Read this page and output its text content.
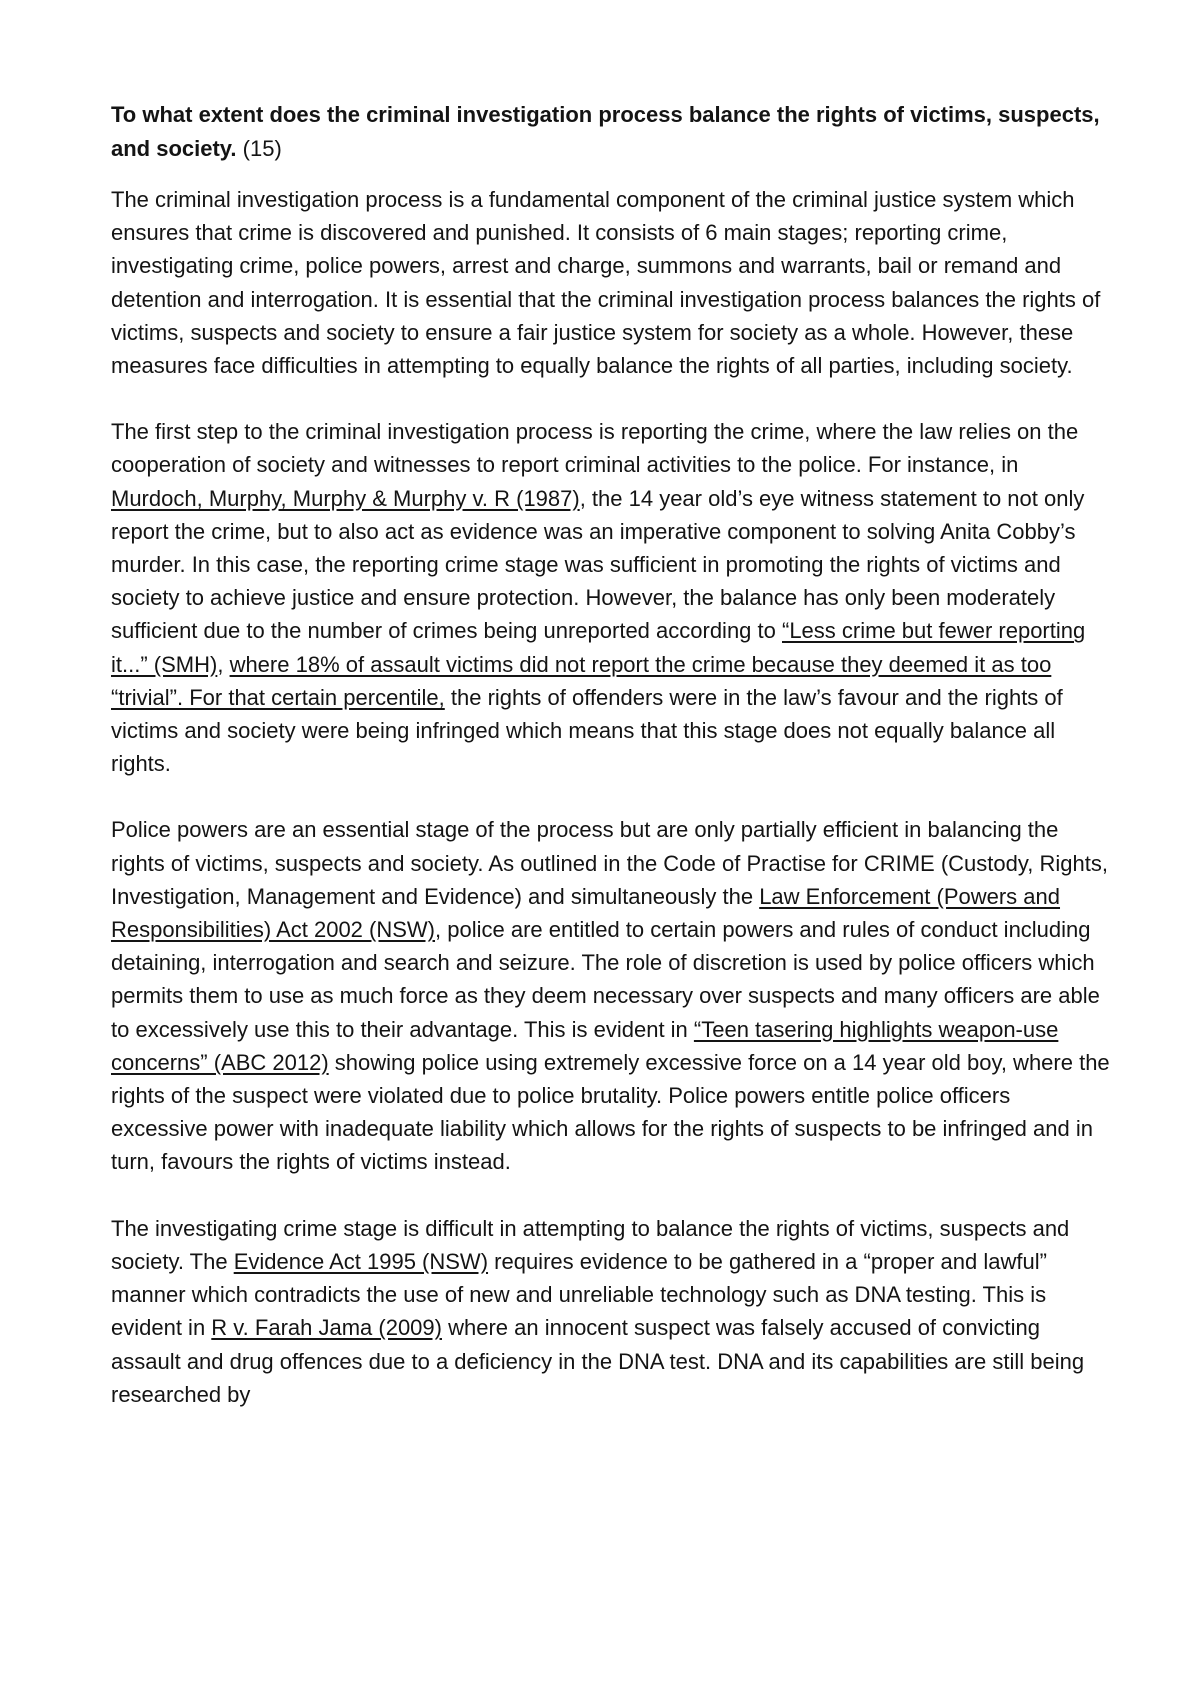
To what extent does the criminal investigation process balance the rights of victims, suspects, and society. (15)

The criminal investigation process is a fundamental component of the criminal justice system which ensures that crime is discovered and punished. It consists of 6 main stages; reporting crime, investigating crime, police powers, arrest and charge, summons and warrants, bail or remand and detention and interrogation. It is essential that the criminal investigation process balances the rights of victims, suspects and society to ensure a fair justice system for society as a whole. However, these measures face difficulties in attempting to equally balance the rights of all parties, including society.

The first step to the criminal investigation process is reporting the crime, where the law relies on the cooperation of society and witnesses to report criminal activities to the police. For instance, in Murdoch, Murphy, Murphy & Murphy v. R (1987), the 14 year old’s eye witness statement to not only report the crime, but to also act as evidence was an imperative component to solving Anita Cobby’s murder. In this case, the reporting crime stage was sufficient in promoting the rights of victims and society to achieve justice and ensure protection. However, the balance has only been moderately sufficient due to the number of crimes being unreported according to “Less crime but fewer reporting it...” (SMH), where 18% of assault victims did not report the crime because they deemed it as too “trivial”. For that certain percentile, the rights of offenders were in the law’s favour and the rights of victims and society were being infringed which means that this stage does not equally balance all rights.

Police powers are an essential stage of the process but are only partially efficient in balancing the rights of victims, suspects and society. As outlined in the Code of Practise for CRIME (Custody, Rights, Investigation, Management and Evidence) and simultaneously the Law Enforcement (Powers and Responsibilities) Act 2002 (NSW), police are entitled to certain powers and rules of conduct including detaining, interrogation and search and seizure. The role of discretion is used by police officers which permits them to use as much force as they deem necessary over suspects and many officers are able to excessively use this to their advantage. This is evident in “Teen tasering highlights weapon-use concerns” (ABC 2012) showing police using extremely excessive force on a 14 year old boy, where the rights of the suspect were violated due to police brutality. Police powers entitle police officers excessive power with inadequate liability which allows for the rights of suspects to be infringed and in turn, favours the rights of victims instead.

The investigating crime stage is difficult in attempting to balance the rights of victims, suspects and society. The Evidence Act 1995 (NSW) requires evidence to be gathered in a “proper and lawful” manner which contradicts the use of new and unreliable technology such as DNA testing. This is evident in R v. Farah Jama (2009) where an innocent suspect was falsely accused of convicting assault and drug offences due to a deficiency in the DNA test. DNA and its capabilities are still being researched by
